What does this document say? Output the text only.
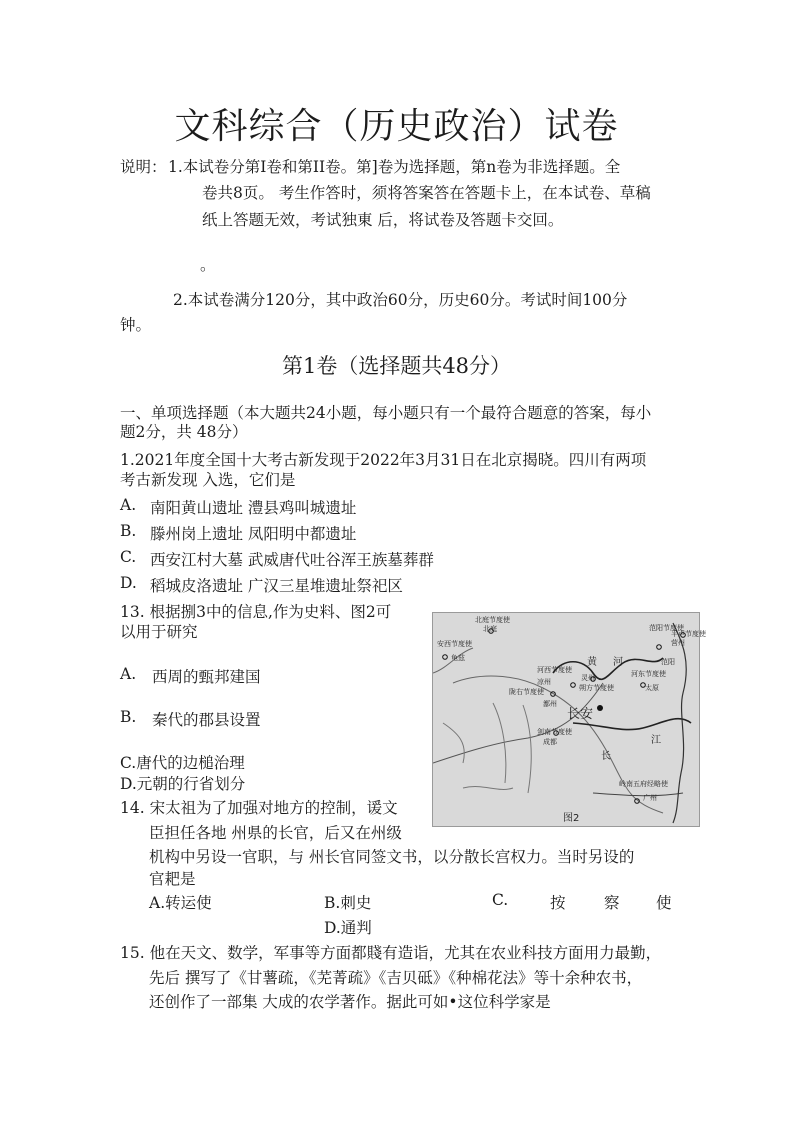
文科综合（历史政治）试卷
说明： 1.本试卷分第Ⅰ卷和第II卷。第]卷为选择题，第n卷为非选择题。全
卷共8页。 考生作答时，须将答案答在答题卡上，在本试卷、草稿
纸上答题无效，考试独東 后，将试卷及答题卡交回。
。
2.本试卷满分120分，其中政治60分，历史60分。考试时间100分
钟。
第1卷（选择题共48分）
一、单项选择题（本大题共24小题，每小题只有一个最符合题意的答案，每小
题2分，共 48分）
1.2021年度全国十大考古新发现于2022年3月31日在北京揭晓。四川有两项
考古新发现 入选，它们是
A. 南阳黄山遗址 澧县鸡叫城遗址
B. 滕州岗上遗址 凤阳明中都遗址
C. 西安江村大墓 武威唐代吐谷浑王族墓葬群
D. 稻城皮洛遗址 广汉三星堆遗址祭祀区
13. 根据捌3中的信息,作为史料、图2可
以用于研究
A. 西周的甄邦建国
B. 秦代的郡县设置
C.唐代的边槌治理
D.元朝的行省划分
北庭节度使
北庭
安西节度使
龟兹
范阳节度使
范阳
平卢节度使
营州
河西节度使
凉州
朔方节度使
灵州
陇右节度使
鄯州
河东节度使
太原
长安
剑南节度使
成都
岭南五府经略使
广州
黄 河
长
江
图2
14. 宋太祖为了加强对地方的控制，谖文
臣担任各地 州県的长官，后又在州级
机构中另设一官职，与 州长官同签文书，以分散长宫权力。当时另设的
官耙是
A.转运使	B.刺史	C.	按 察 使
D.通判
15. 他在天文、数学，军事等方面都賤有造诣，尤其在农业科技方面用力最勤，
先后 撰写了《甘薯疏，《芜菁疏》《吉贝砥》《种棉花法》等十余种农书，
还创作了一部集 大成的农学著作。据此可如•这位科学家是
